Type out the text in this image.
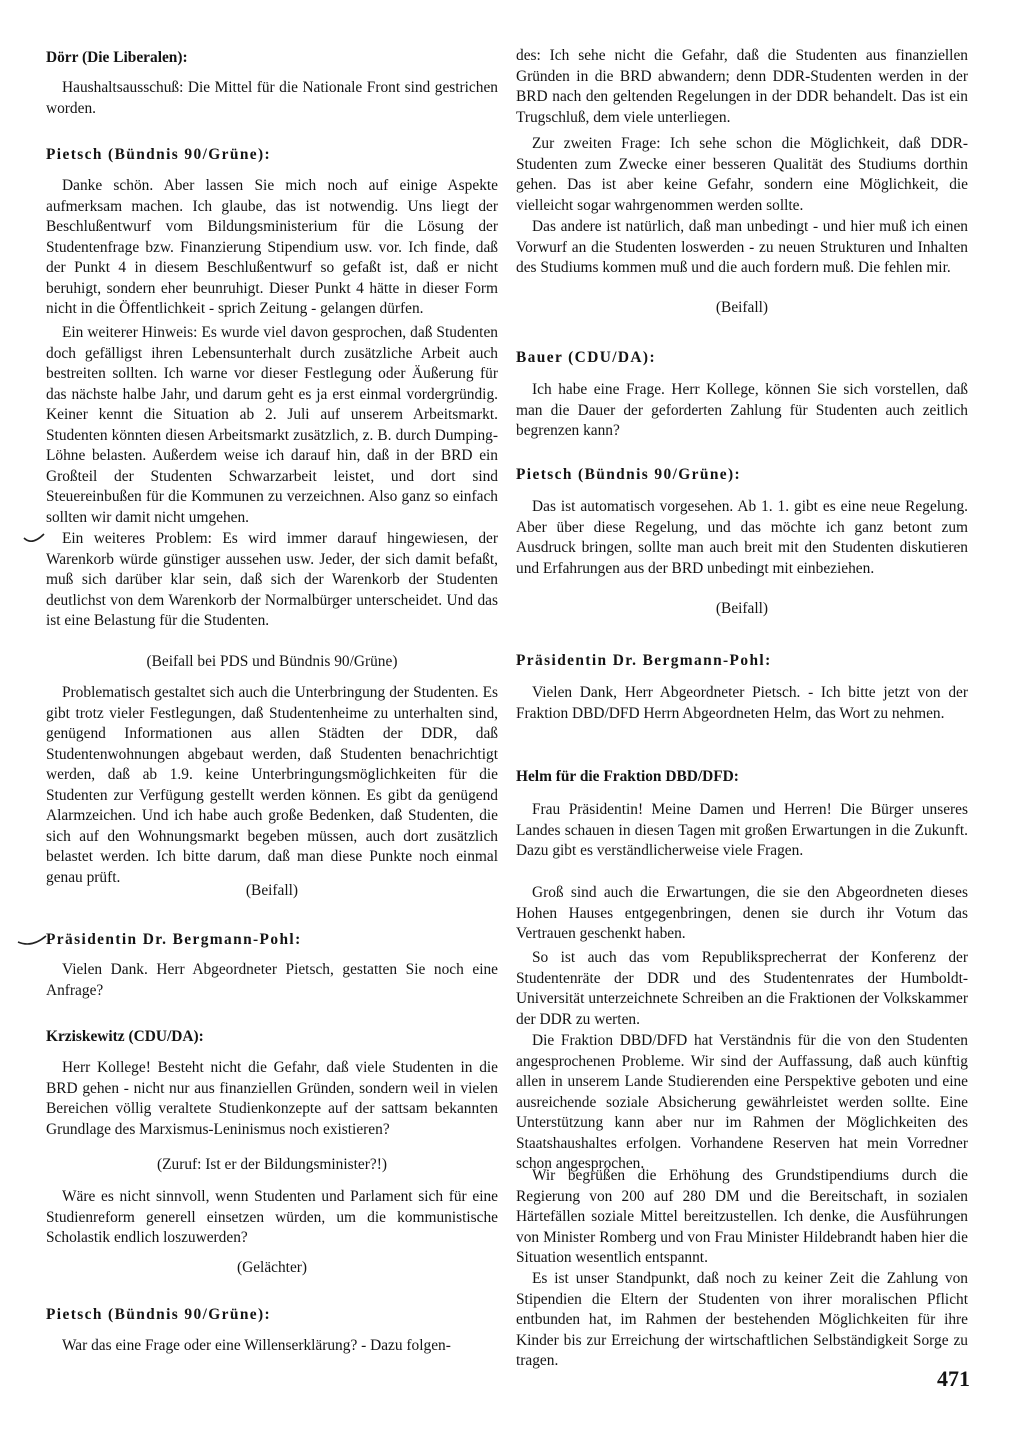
Dörr (Die Liberalen):
Haushaltsausschuß: Die Mittel für die Nationale Front sind gestrichen worden.
Pietsch (Bündnis 90/Grüne):
Danke schön. Aber lassen Sie mich noch auf einige Aspekte aufmerksam machen. Ich glaube, das ist notwendig. Uns liegt der Beschlußentwurf vom Bildungsministerium für die Lösung der Studentenfrage bzw. Finanzierung Stipendium usw. vor. Ich finde, daß der Punkt 4 in diesem Beschlußentwurf so gefaßt ist, daß er nicht beruhigt, sondern eher beunruhigt. Dieser Punkt 4 hätte in dieser Form nicht in die Öffentlichkeit - sprich Zeitung - gelangen dürfen.
Ein weiterer Hinweis: Es wurde viel davon gesprochen, daß Studenten doch gefälligst ihren Lebensunterhalt durch zusätzliche Arbeit auch bestreiten sollten. Ich warne vor dieser Festlegung oder Äußerung für das nächste halbe Jahr, und darum geht es ja erst einmal vordergründig. Keiner kennt die Situation ab 2. Juli auf unserem Arbeitsmarkt. Studenten könnten diesen Arbeitsmarkt zusätzlich, z. B. durch Dumping-Löhne belasten. Außerdem weise ich darauf hin, daß in der BRD ein Großteil der Studenten Schwarzarbeit leistet, und dort sind Steuereinbußen für die Kommunen zu verzeichnen. Also ganz so einfach sollten wir damit nicht umgehen.
Ein weiteres Problem: Es wird immer darauf hingewiesen, der Warenkorb würde günstiger aussehen usw. Jeder, der sich damit befaßt, muß sich darüber klar sein, daß sich der Warenkorb der Studenten deutlichst von dem Warenkorb der Normalbürger unterscheidet. Und das ist eine Belastung für die Studenten.
(Beifall bei PDS und Bündnis 90/Grüne)
Problematisch gestaltet sich auch die Unterbringung der Studenten. Es gibt trotz vieler Festlegungen, daß Studentenheime zu unterhalten sind, genügend Informationen aus allen Städten der DDR, daß Studentenwohnungen abgebaut werden, daß Studenten benachrichtigt werden, daß ab 1.9. keine Unterbringungsmöglichkeiten für die Studenten zur Verfügung gestellt werden können. Es gibt da genügend Alarmzeichen. Und ich habe auch große Bedenken, daß Studenten, die sich auf den Wohnungsmarkt begeben müssen, auch dort zusätzlich belastet werden. Ich bitte darum, daß man diese Punkte noch einmal genau prüft.
(Beifall)
Präsidentin Dr. Bergmann-Pohl:
Vielen Dank. Herr Abgeordneter Pietsch, gestatten Sie noch eine Anfrage?
Krziskewitz (CDU/DA):
Herr Kollege! Besteht nicht die Gefahr, daß viele Studenten in die BRD gehen - nicht nur aus finanziellen Gründen, sondern weil in vielen Bereichen völlig veraltete Studienkonzepte auf der sattsam bekannten Grundlage des Marxismus-Leninismus noch existieren?
(Zuruf: Ist er der Bildungsminister?!)
Wäre es nicht sinnvoll, wenn Studenten und Parlament sich für eine Studienreform generell einsetzen würden, um die kommunistische Scholastik endlich loszuwerden?
(Gelächter)
Pietsch (Bündnis 90/Grüne):
War das eine Frage oder eine Willenserklärung? - Dazu folgen-
des: Ich sehe nicht die Gefahr, daß die Studenten aus finanziellen Gründen in die BRD abwandern; denn DDR-Studenten werden in der BRD nach den geltenden Regelungen in der DDR behandelt. Das ist ein Trugschluß, dem viele unterliegen.
Zur zweiten Frage: Ich sehe schon die Möglichkeit, daß DDR-Studenten zum Zwecke einer besseren Qualität des Studiums dorthin gehen. Das ist aber keine Gefahr, sondern eine Möglichkeit, die vielleicht sogar wahrgenommen werden sollte.
Das andere ist natürlich, daß man unbedingt - und hier muß ich einen Vorwurf an die Studenten loswerden - zu neuen Strukturen und Inhalten des Studiums kommen muß und die auch fordern muß. Die fehlen mir.
(Beifall)
Bauer (CDU/DA):
Ich habe eine Frage. Herr Kollege, können Sie sich vorstellen, daß man die Dauer der geforderten Zahlung für Studenten auch zeitlich begrenzen kann?
Pietsch (Bündnis 90/Grüne):
Das ist automatisch vorgesehen. Ab 1. 1. gibt es eine neue Regelung. Aber über diese Regelung, und das möchte ich ganz betont zum Ausdruck bringen, sollte man auch breit mit den Studenten diskutieren und Erfahrungen aus der BRD unbedingt mit einbeziehen.
(Beifall)
Präsidentin Dr. Bergmann-Pohl:
Vielen Dank, Herr Abgeordneter Pietsch. - Ich bitte jetzt von der Fraktion DBD/DFD Herrn Abgeordneten Helm, das Wort zu nehmen.
Helm für die Fraktion DBD/DFD:
Frau Präsidentin! Meine Damen und Herren! Die Bürger unseres Landes schauen in diesen Tagen mit großen Erwartungen in die Zukunft. Dazu gibt es verständlicherweise viele Fragen.
Groß sind auch die Erwartungen, die sie den Abgeordneten dieses Hohen Hauses entgegenbringen, denen sie durch ihr Votum das Vertrauen geschenkt haben.
So ist auch das vom Republiksprecherrat der Konferenz der Studentenräte der DDR und des Studentenrates der Humboldt-Universität unterzeichnete Schreiben an die Fraktionen der Volkskammer der DDR zu werten.
Die Fraktion DBD/DFD hat Verständnis für die von den Studenten angesprochenen Probleme. Wir sind der Auffassung, daß auch künftig allen in unserem Lande Studierenden eine Perspektive geboten und eine ausreichende soziale Absicherung gewährleistet werden sollte. Eine Unterstützung kann aber nur im Rahmen der Möglichkeiten des Staatshaushaltes erfolgen. Vorhandene Reserven hat mein Vorredner schon angesprochen.
Wir begrüßen die Erhöhung des Grundstipendiums durch die Regierung von 200 auf 280 DM und die Bereitschaft, in sozialen Härtefällen soziale Mittel bereitzustellen. Ich denke, die Ausführungen von Minister Romberg und von Frau Minister Hildebrandt haben hier die Situation wesentlich entspannt.
Es ist unser Standpunkt, daß noch zu keiner Zeit die Zahlung von Stipendien die Eltern der Studenten von ihrer moralischen Pflicht entbunden hat, im Rahmen der bestehenden Möglichkeiten für ihre Kinder bis zur Erreichung der wirtschaftlichen Selbständigkeit Sorge zu tragen.
471
